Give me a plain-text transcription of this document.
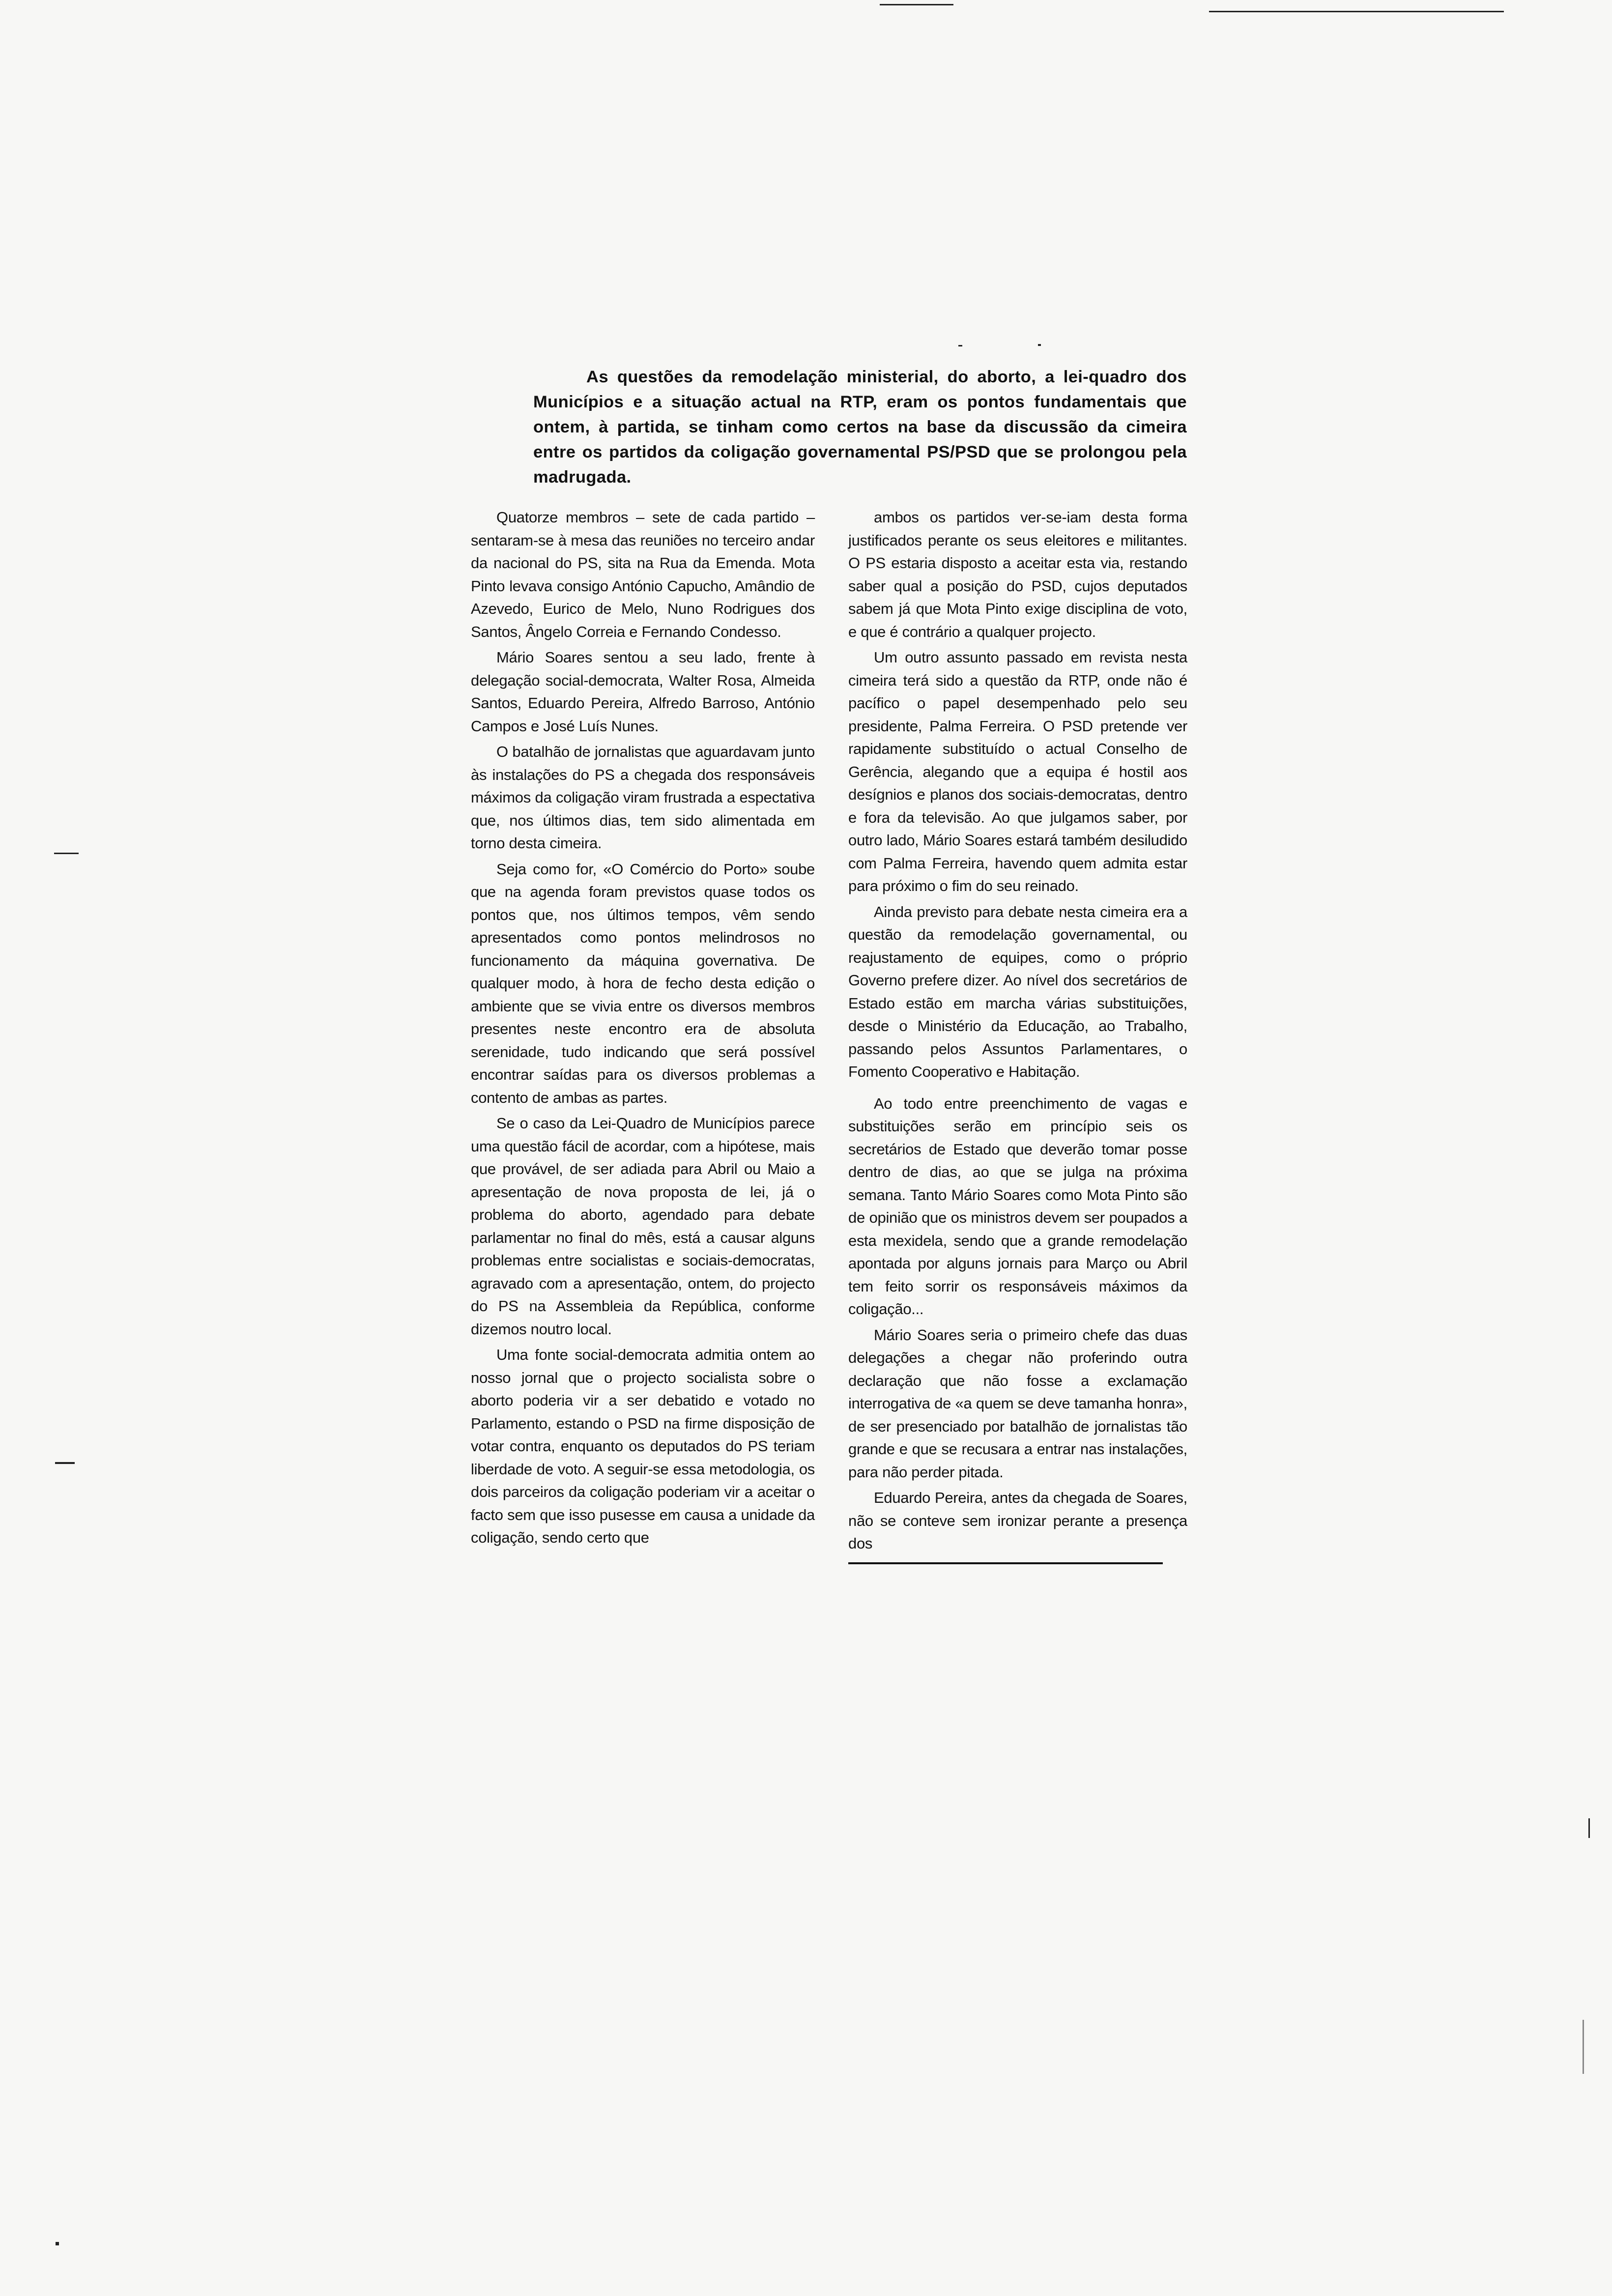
As questões da remodelação ministerial, do aborto, a lei-quadro dos Municípios e a situação actual na RTP, eram os pontos fundamentais que ontem, à partida, se tinham como certos na base da discussão da cimeira entre os partidos da coligação governamental PS/PSD que se prolongou pela madrugada.

Quatorze membros – sete de cada partido – sentaram-se à mesa das reuniões no terceiro andar da nacional do PS, sita na Rua da Emenda. Mota Pinto levava consigo António Capucho, Amândio de Azevedo, Eurico de Melo, Nuno Rodrigues dos Santos, Ângelo Correia e Fernando Condesso.

Mário Soares sentou a seu lado, frente à delegação social-democrata, Walter Rosa, Almeida Santos, Eduardo Pereira, Alfredo Barroso, António Campos e José Luís Nunes.

O batalhão de jornalistas que aguardavam junto às instalações do PS a chegada dos responsáveis máximos da coligação viram frustrada a espectativa que, nos últimos dias, tem sido alimentada em torno desta cimeira.

Seja como for, «O Comércio do Porto» soube que na agenda foram previstos quase todos os pontos que, nos últimos tempos, vêm sendo apresentados como pontos melindrosos no funcionamento da máquina governativa. De qualquer modo, à hora de fecho desta edição o ambiente que se vivia entre os diversos membros presentes neste encontro era de absoluta serenidade, tudo indicando que será possível encontrar saídas para os diversos problemas a contento de ambas as partes.

Se o caso da Lei-Quadro de Municípios parece uma questão fácil de acordar, com a hipótese, mais que provável, de ser adiada para Abril ou Maio a apresentação de nova proposta de lei, já o problema do aborto, agendado para debate parlamentar no final do mês, está a causar alguns problemas entre socialistas e sociais-democratas, agravado com a apresentação, ontem, do projecto do PS na Assembleia da República, conforme dizemos noutro local.

Uma fonte social-democrata admitia ontem ao nosso jornal que o projecto socialista sobre o aborto poderia vir a ser debatido e votado no Parlamento, estando o PSD na firme disposição de votar contra, enquanto os deputados do PS teriam liberdade de voto. A seguir-se essa metodologia, os dois parceiros da coligação poderiam vir a aceitar o facto sem que isso pusesse em causa a unidade da coligação, sendo certo que

ambos os partidos ver-se-iam desta forma justificados perante os seus eleitores e militantes. O PS estaria disposto a aceitar esta via, restando saber qual a posição do PSD, cujos deputados sabem já que Mota Pinto exige disciplina de voto, e que é contrário a qualquer projecto.

Um outro assunto passado em revista nesta cimeira terá sido a questão da RTP, onde não é pacífico o papel desempenhado pelo seu presidente, Palma Ferreira. O PSD pretende ver rapidamente substituído o actual Conselho de Gerência, alegando que a equipa é hostil aos desígnios e planos dos sociais-democratas, dentro e fora da televisão. Ao que julgamos saber, por outro lado, Mário Soares estará também desiludido com Palma Ferreira, havendo quem admita estar para próximo o fim do seu reinado.

Ainda previsto para debate nesta cimeira era a questão da remodelação governamental, ou reajustamento de equipes, como o próprio Governo prefere dizer. Ao nível dos secretários de Estado estão em marcha várias substituições, desde o Ministério da Educação, ao Trabalho, passando pelos Assuntos Parlamentares, o Fomento Cooperativo e Habitação.

Ao todo entre preenchimento de vagas e substituições serão em princípio seis os secretários de Estado que deverão tomar posse dentro de dias, ao que se julga na próxima semana. Tanto Mário Soares como Mota Pinto são de opinião que os ministros devem ser poupados a esta mexidela, sendo que a grande remodelação apontada por alguns jornais para Março ou Abril tem feito sorrir os responsáveis máximos da coligação...

Mário Soares seria o primeiro chefe das duas delegações a chegar não proferindo outra declaração que não fosse a exclamação interrogativa de «a quem se deve tamanha honra», de ser presenciado por batalhão de jornalistas tão grande e que se recusara a entrar nas instalações, para não perder pitada.

Eduardo Pereira, antes da chegada de Soares, não se conteve sem ironizar perante a presença dos
